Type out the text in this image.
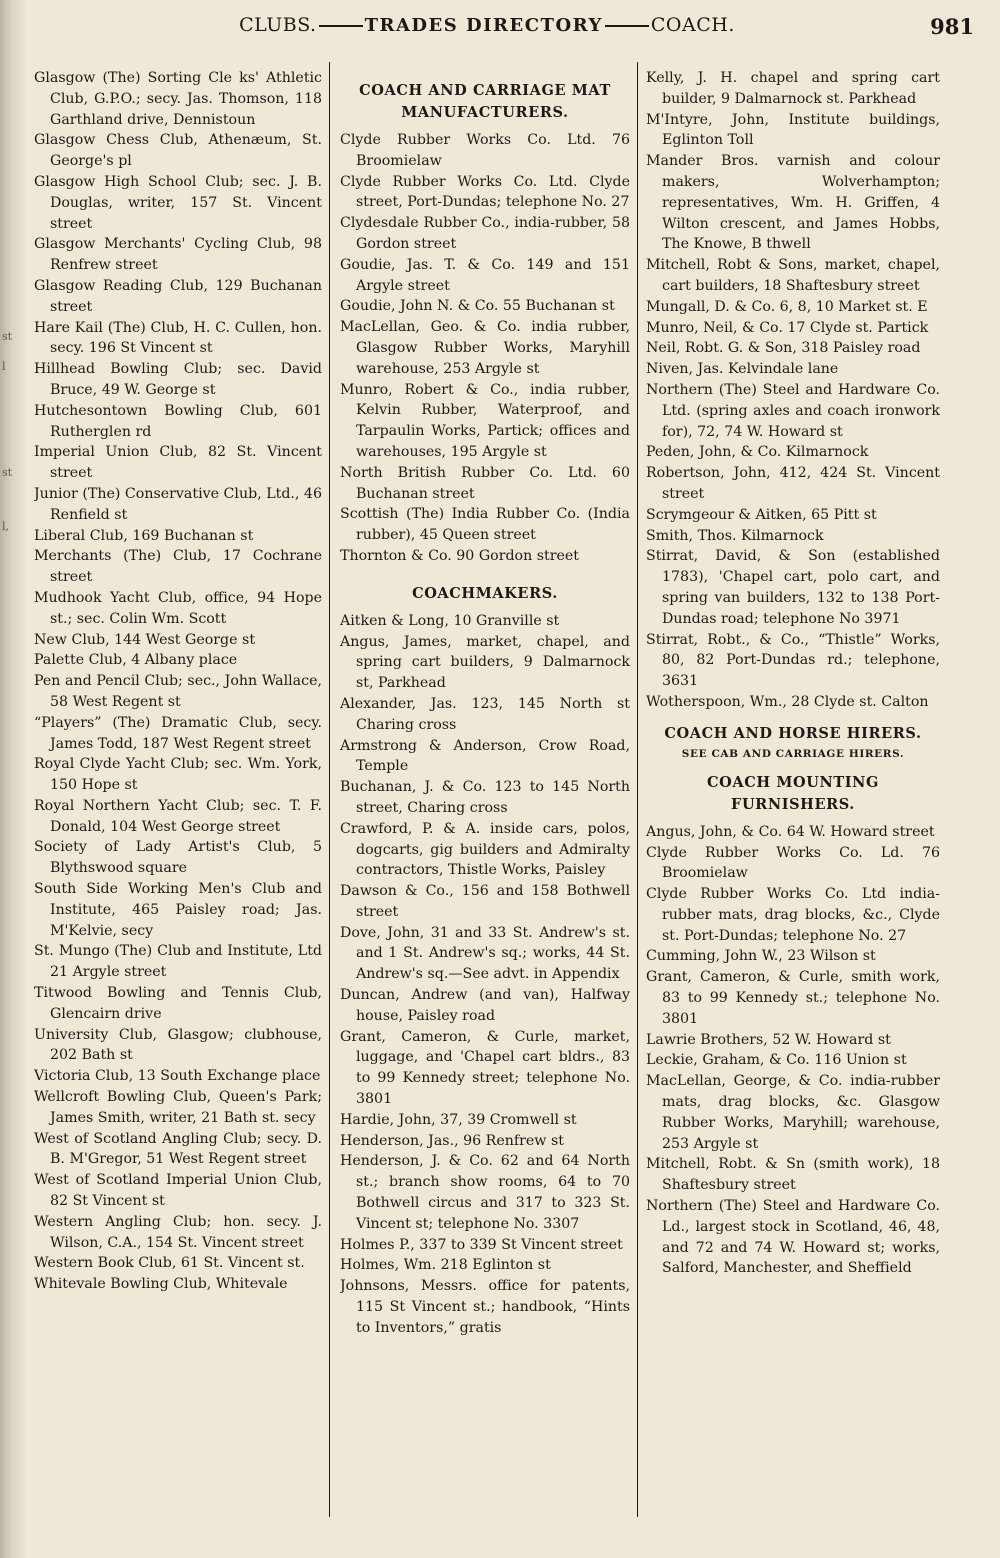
st
l
st
l,
CLUBS.	TRADES DIRECTORY	COACH.	981

Glasgow (The) Sorting Cle ks' Athletic Club, G.P.O.; secy. Jas. Thomson, 118 Garthland drive, Dennistoun

Glasgow Chess Club, Athenæum, St. George's pl

Glasgow High School Club; sec. J. B. Douglas, writer, 157 St. Vincent street

Glasgow Merchants' Cycling Club, 98 Renfrew street

Glasgow Reading Club, 129 Buchanan street

Hare Kail (The) Club, H. C. Cullen, hon. secy. 196 St Vincent st

Hillhead Bowling Club; sec. David Bruce, 49 W. George st

Hutchesontown Bowling Club, 601 Rutherglen rd

Imperial Union Club, 82 St. Vincent street

Junior (The) Conservative Club, Ltd., 46 Renfield st

Liberal Club, 169 Buchanan st

Merchants (The) Club, 17 Cochrane street

Mudhook Yacht Club, office, 94 Hope st.; sec. Colin Wm. Scott

New Club, 144 West George st

Palette Club, 4 Albany place

Pen and Pencil Club; sec., John Wallace, 58 West Regent st

“Players” (The) Dramatic Club, secy. James Todd, 187 West Regent street

Royal Clyde Yacht Club; sec. Wm. York, 150 Hope st

Royal Northern Yacht Club; sec. T. F. Donald, 104 West George street

Society of Lady Artist's Club, 5 Blythswood square

South Side Working Men's Club and Institute, 465 Paisley road; Jas. M'Kelvie, secy

St. Mungo (The) Club and Institute, Ltd 21 Argyle street

Titwood Bowling and Tennis Club, Glencairn drive

University Club, Glasgow; clubhouse, 202 Bath st

Victoria Club, 13 South Exchange place

Wellcroft Bowling Club, Queen's Park; James Smith, writer, 21 Bath st. secy

West of Scotland Angling Club; secy. D. B. M'Gregor, 51 West Regent street

West of Scotland Imperial Union Club, 82 St Vincent st

Western Angling Club; hon. secy. J. Wilson, C.A., 154 St. Vincent street

Western Book Club, 61 St. Vincent st.

Whitevale Bowling Club, Whitevale

COACH AND CARRIAGE MAT MANUFACTURERS.

Clyde Rubber Works Co. Ltd. 76 Broomielaw

Clyde Rubber Works Co. Ltd. Clyde street, Port-Dundas; telephone No. 27

Clydesdale Rubber Co., india-rubber, 58 Gordon street

Goudie, Jas. T. & Co. 149 and 151 Argyle street

Goudie, John N. & Co. 55 Buchanan st

MacLellan, Geo. & Co. india rubber, Glasgow Rubber Works, Maryhill warehouse, 253 Argyle st

Munro, Robert & Co., india rubber, Kelvin Rubber, Waterproof, and Tarpaulin Works, Partick; offices and warehouses, 195 Argyle st

North British Rubber Co. Ltd. 60 Buchanan street

Scottish (The) India Rubber Co. (India rubber), 45 Queen street

Thornton & Co. 90 Gordon street

COACHMAKERS.

Aitken & Long, 10 Granville st

Angus, James, market, chapel, and spring cart builders, 9 Dalmarnock st, Parkhead

Alexander, Jas. 123, 145 North st Charing cross

Armstrong & Anderson, Crow Road, Temple

Buchanan, J. & Co. 123 to 145 North street, Charing cross

Crawford, P. & A. inside cars, polos, dogcarts, gig builders and Admiralty contractors, Thistle Works, Paisley

Dawson & Co., 156 and 158 Bothwell street

Dove, John, 31 and 33 St. Andrew's st. and 1 St. Andrew's sq.; works, 44 St. Andrew's sq.—See advt. in Appendix

Duncan, Andrew (and van), Halfway house, Paisley road

Grant, Cameron, & Curle, market, luggage, and 'Chapel cart bldrs., 83 to 99 Kennedy street; telephone No. 3801

Hardie, John, 37, 39 Cromwell st

Henderson, Jas., 96 Renfrew st

Henderson, J. & Co. 62 and 64 North st.; branch show rooms, 64 to 70 Bothwell circus and 317 to 323 St. Vincent st; telephone No. 3307

Holmes P., 337 to 339 St Vincent street

Holmes, Wm. 218 Eglinton st

Johnsons, Messrs. office for patents, 115 St Vincent st.; handbook, “Hints to Inventors,” gratis

Kelly, J. H. chapel and spring cart builder, 9 Dalmarnock st. Parkhead

M'Intyre, John, Institute buildings, Eglinton Toll

Mander Bros. varnish and colour makers, Wolverhampton; representatives, Wm. H. Griffen, 4 Wilton crescent, and James Hobbs, The Knowe, B thwell

Mitchell, Robt & Sons, market, chapel, cart builders, 18 Shaftesbury street

Mungall, D. & Co. 6, 8, 10 Market st. E

Munro, Neil, & Co. 17 Clyde st. Partick

Neil, Robt. G. & Son, 318 Paisley road

Niven, Jas. Kelvindale lane

Northern (The) Steel and Hardware Co. Ltd. (spring axles and coach ironwork for), 72, 74 W. Howard st

Peden, John, & Co. Kilmarnock

Robertson, John, 412, 424 St. Vincent street

Scrymgeour & Aitken, 65 Pitt st

Smith, Thos. Kilmarnock

Stirrat, David, & Son (established 1783), 'Chapel cart, polo cart, and spring van builders, 132 to 138 Port-Dundas road; telephone No 3971

Stirrat, Robt., & Co., “Thistle” Works, 80, 82 Port-Dundas rd.; telephone, 3631

Wotherspoon, Wm., 28 Clyde st. Calton

COACH AND HORSE HIRERS.
SEE CAB AND CARRIAGE HIRERS.
COACH MOUNTING FURNISHERS.

Angus, John, & Co. 64 W. Howard street

Clyde Rubber Works Co. Ld. 76 Broomielaw

Clyde Rubber Works Co. Ltd india-rubber mats, drag blocks, &c., Clyde st. Port-Dundas; telephone No. 27

Cumming, John W., 23 Wilson st

Grant, Cameron, & Curle, smith work, 83 to 99 Kennedy st.; telephone No. 3801

Lawrie Brothers, 52 W. Howard st

Leckie, Graham, & Co. 116 Union st

MacLellan, George, & Co. india-rubber mats, drag blocks, &c. Glasgow Rubber Works, Maryhill; warehouse, 253 Argyle st

Mitchell, Robt. & Sn (smith work), 18 Shaftesbury street

Northern (The) Steel and Hardware Co. Ld., largest stock in Scotland, 46, 48, and 72 and 74 W. Howard st; works, Salford, Manchester, and Sheffield
